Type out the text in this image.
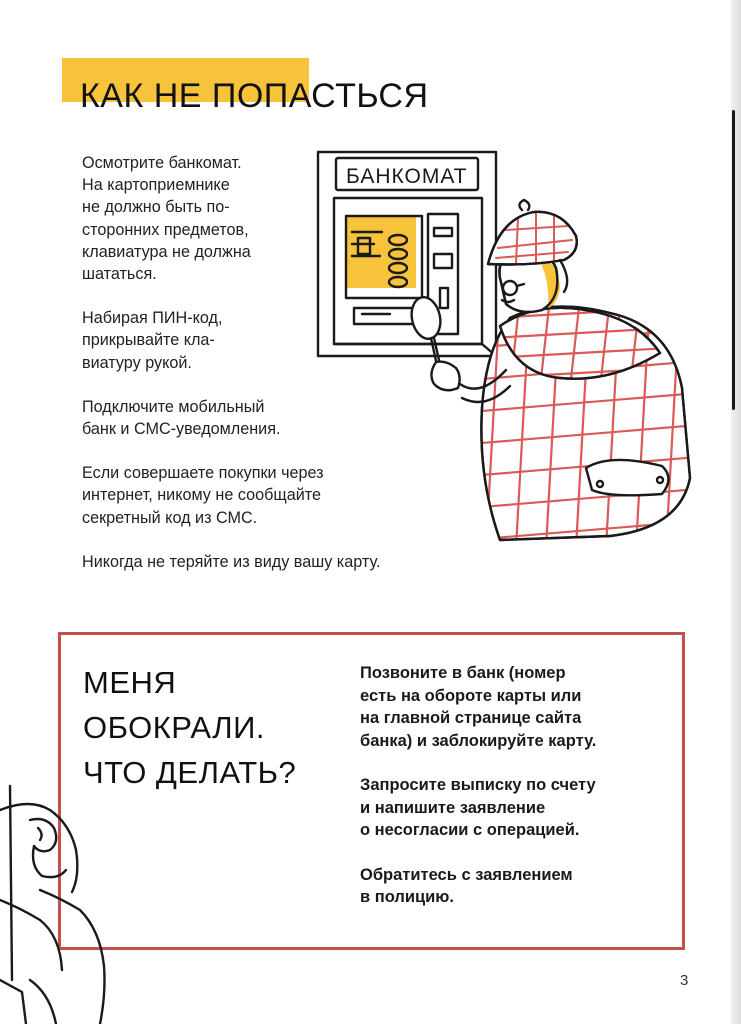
КАК НЕ ПОПАСТЬСЯ

Осмотрите банкомат.
На картоприемнике
не должно быть по-
сторонних предметов,
клавиатура не должна
шататься.

Набирая ПИН-код,
прикрывайте кла-
виатуру рукой.

Подключите мобильный
банк и СМС-уведомления.

Если совершаете покупки через
интернет, никому не сообщайте
секретный код из СМС.

Никогда не теряйте из виду вашу карту.

БАНКОМАТ
МЕНЯ
ОБОКРАЛИ.
ЧТО ДЕЛАТЬ?

Позвоните в банк (номер
есть на обороте карты или
на главной странице сайта
банка) и заблокируйте карту.

Запросите выписку по счету
и напишите заявление
о несогласии с операцией.

Обратитесь с заявлением
в полицию.

3
